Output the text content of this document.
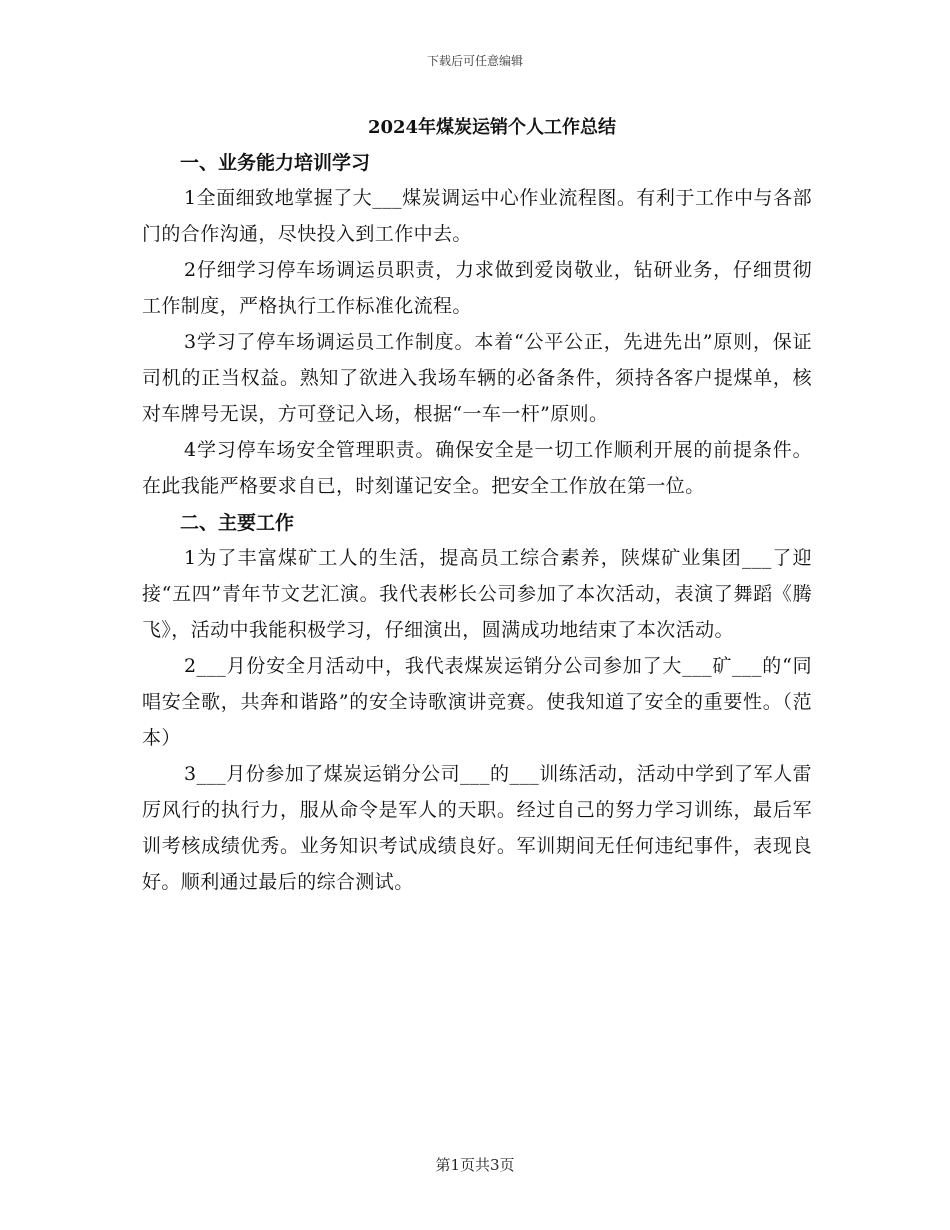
下载后可任意编辑
2024年煤炭运销个人工作总结
一、业务能力培训学习

1全面细致地掌握了大___煤炭调运中心作业流程图。有利于工作中与各部门的合作沟通，尽快投入到工作中去。

2仔细学习停车场调运员职责，力求做到爱岗敬业，钻研业务，仔细贯彻工作制度，严格执行工作标准化流程。

3学习了停车场调运员工作制度。本着“公平公正，先进先出”原则，保证司机的正当权益。熟知了欲进入我场车辆的必备条件，须持各客户提煤单，核对车牌号无误，方可登记入场，根据“一车一杆”原则。

4学习停车场安全管理职责。确保安全是一切工作顺利开展的前提条件。在此我能严格要求自已，时刻谨记安全。把安全工作放在第一位。

二、主要工作

1为了丰富煤矿工人的生活，提高员工综合素养，陕煤矿业集团___了迎接“五四”青年节文艺汇演。我代表彬长公司参加了本次活动，表演了舞蹈《腾飞》，活动中我能积极学习，仔细演出，圆满成功地结束了本次活动。

2___月份安全月活动中，我代表煤炭运销分公司参加了大___矿___的“同唱安全歌，共奔和谐路”的安全诗歌演讲竞赛。使我知道了安全的重要性。（范本）

3___月份参加了煤炭运销分公司___的___训练活动，活动中学到了军人雷厉风行的执行力，服从命令是军人的天职。经过自己的努力学习训练，最后军训考核成绩优秀。业务知识考试成绩良好。军训期间无任何违纪事件，表现良好。顺利通过最后的综合测试。

第1页共3页
